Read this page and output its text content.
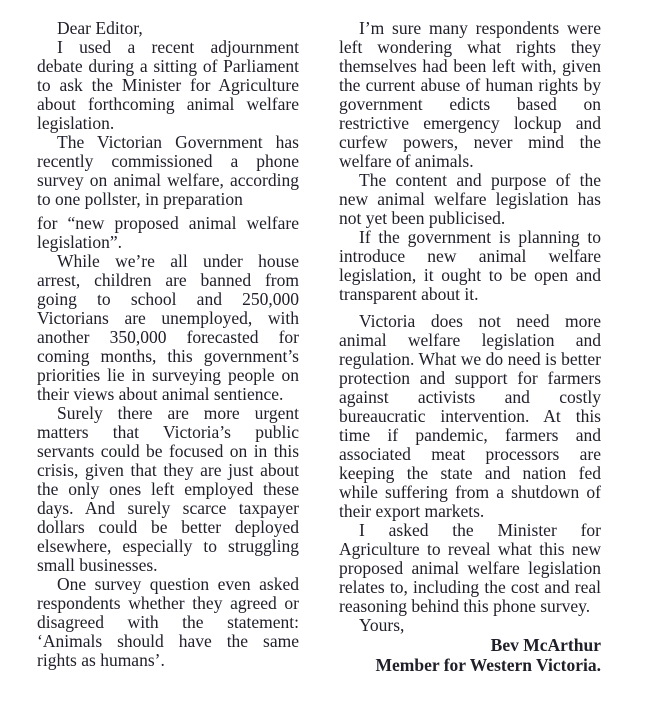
Dear Editor,

I used a recent adjournment debate during a sitting of Parliament to ask the Minister for Agriculture about forthcoming animal welfare legislation.

The Victorian Government has recently commissioned a phone survey on animal welfare, according to one pollster, in preparation

for “new proposed animal welfare legislation”.

While we’re all under house arrest, children are banned from going to school and 250,000 Victorians are unemployed, with another 350,000 forecasted for coming months, this government’s priorities lie in surveying people on their views about animal sentience.

Surely there are more urgent matters that Victoria’s public servants could be focused on in this crisis, given that they are just about the only ones left employed these days. And surely scarce taxpayer dollars could be better deployed elsewhere, especially to struggling small businesses.

One survey question even asked respondents whether they agreed or disagreed with the statement: ‘Animals should have the same rights as humans’.

I’m sure many respondents were left wondering what rights they themselves had been left with, given the current abuse of human rights by government edicts based on restrictive emergency lockup and curfew powers, never mind the welfare of animals.

The content and purpose of the new animal welfare legislation has not yet been publicised.

If the government is planning to introduce new animal welfare legislation, it ought to be open and transparent about it.

Victoria does not need more animal welfare legislation and regulation. What we do need is better protection and support for farmers against activists and costly bureaucratic intervention. At this time if pandemic, farmers and associated meat processors are keeping the state and nation fed while suffering from a shutdown of their export markets.

I asked the Minister for Agriculture to reveal what this new proposed animal welfare legislation relates to, including the cost and real reasoning behind this phone survey.

Yours,

Bev McArthur
Member for Western Victoria.
